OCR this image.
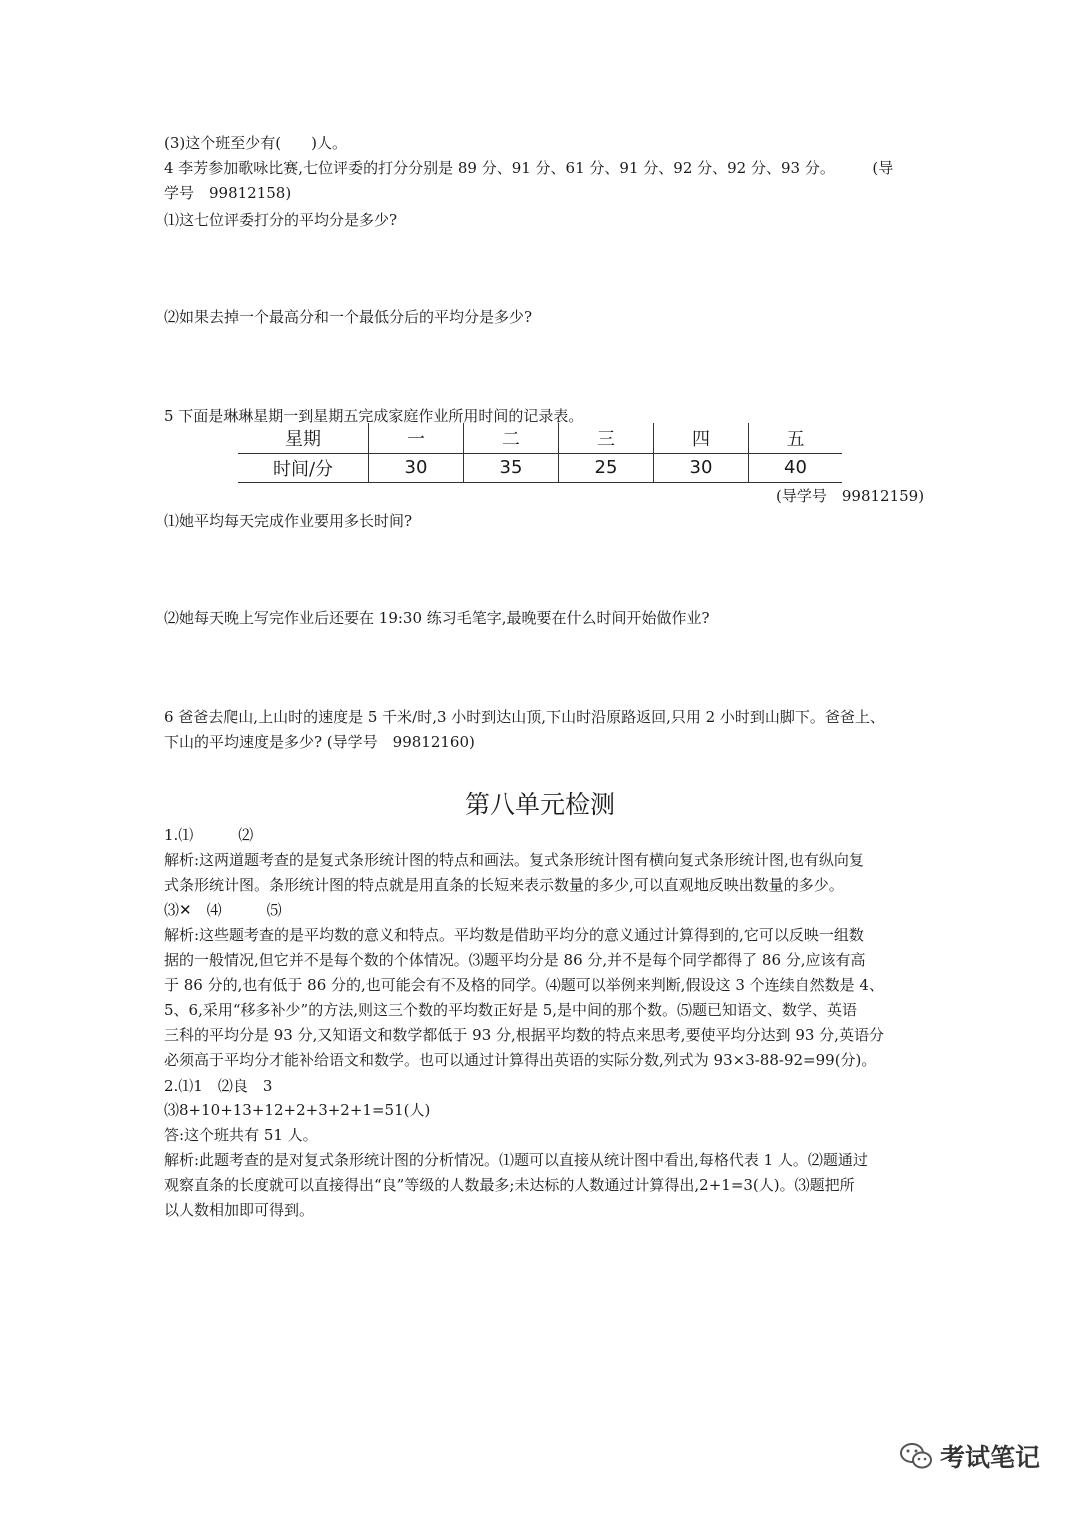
(3)这个班至少有(　　)人。
4 李芳参加歌咏比赛,七位评委的打分分别是 89 分、91 分、61 分、91 分、92 分、92 分、93 分。　　　(导
学号　99812158)
⑴这七位评委打分的平均分是多少?
⑵如果去掉一个最高分和一个最低分后的平均分是多少?
5 下面是琳琳星期一到星期五完成家庭作业所用时间的记录表。
星期	一	二	三	四	五
时间/分	30	35	25	30	40
(导学号　99812159)
⑴她平均每天完成作业要用多长时间?
⑵她每天晚上写完作业后还要在 19:30 练习毛笔字,最晚要在什么时间开始做作业?
6 爸爸去爬山,上山时的速度是 5 千米/时,3 小时到达山顶,下山时沿原路返回,只用 2 小时到山脚下。爸爸上、
下山的平均速度是多少? (导学号　99812160)
第八单元检测
1.⑴　　　⑵
解析:这两道题考查的是复式条形统计图的特点和画法。复式条形统计图有横向复式条形统计图,也有纵向复
式条形统计图。条形统计图的特点就是用直条的长短来表示数量的多少,可以直观地反映出数量的多少。
⑶✕　⑷　　　⑸
解析:这些题考查的是平均数的意义和特点。平均数是借助平均分的意义通过计算得到的,它可以反映一组数
据的一般情况,但它并不是每个数的个体情况。⑶题平均分是 86 分,并不是每个同学都得了 86 分,应该有高
于 86 分的,也有低于 86 分的,也可能会有不及格的同学。⑷题可以举例来判断,假设这 3 个连续自然数是 4、
5、6,采用“移多补少”的方法,则这三个数的平均数正好是 5,是中间的那个数。⑸题已知语文、数学、英语
三科的平均分是 93 分,又知语文和数学都低于 93 分,根据平均数的特点来思考,要使平均分达到 93 分,英语分
必须高于平均分才能补给语文和数学。也可以通过计算得出英语的实际分数,列式为 93×3-88-92=99(分)。
2.⑴1　⑵良　3
⑶8+10+13+12+2+3+2+1=51(人)
答:这个班共有 51 人。
解析:此题考查的是对复式条形统计图的分析情况。⑴题可以直接从统计图中看出,每格代表 1 人。⑵题通过
观察直条的长度就可以直接得出“良”等级的人数最多;未达标的人数通过计算得出,2+1=3(人)。⑶题把所
以人数相加即可得到。
考试笔记
